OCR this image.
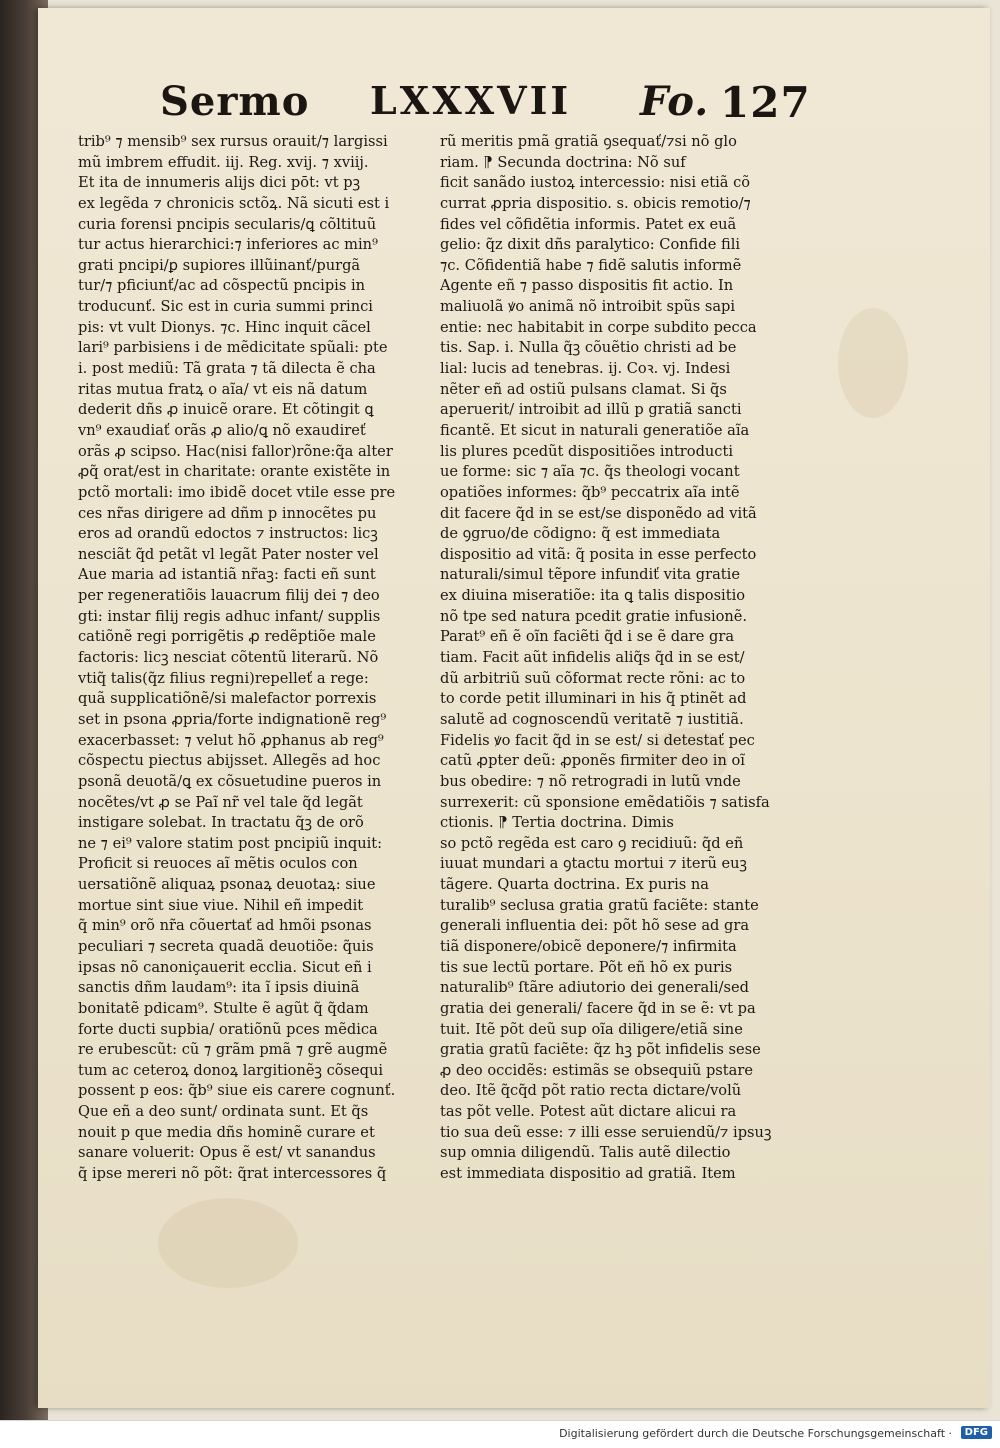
Sermo LXXXVII Fo. 127
trib⁹ ⁊ mensib⁹ sex rursus orauit/⁊ largissi
mũ imbrem effudit. iij. Reg. xvij. ⁊ xviij.
Et ita de innumeris alijs dici pōt: vt pꝫ
ex legẽda ⁊ chronicis sctõꝝ. Nã sicuti est i
curia forensi pncipis secularis/ꝗ cõltituũ
tur actus hierarchici:⁊ inferiores ac min⁹
grati pncipi/ꝑ supiores illũinanť/purgã
tur/⁊ pficiunť/ac ad cõspectũ pncipis in
troducunť. Sic est in curia summi princi
pis: vt vult Dionys. ⁊c. Hinc inquit cãcel
lari⁹ parbisiens i de mẽdicitate spũali: pte
i. post mediũ: Tã grata ⁊ tã dilecta ẽ cha
ritas mutua fratꝝ o aĩa/ vt eis nã datum
dederit dñs ꝓ inuicẽ orare. Et cõtingit ꝗ
vn⁹ exaudiať orãs ꝓ alio/ꝗ nõ exaudireť
orãs ꝓ scipso. Hac(nisi fallor)rõne:q̃a alter
ꝓq̃ orat/est in charitate: orante existẽte in
pctõ mortali: imo ibidẽ docet vtile esse pre
ces nr̃as dirigere ad dñm p innocẽtes pu
eros ad orandũ edoctos ⁊ instructos: licꝫ
nesciãt q̃d petãt vl legãt Pater noster vel
Aue maria ad istantiã nr̃aꝫ: facti eñ sunt
per regeneratiõis lauacrum filij dei ⁊ deo
gti: instar filij regis adhuc infant/ supplis
catiõnẽ regi porrigẽtis ꝓ redẽptiõe male
factoris: licꝫ nesciat cõtentũ literarũ. Nõ
vtiq̃ talis(q̃z filius regni)repelleť a rege:
quã supplicatiõnẽ/si malefactor porrexis
set in psona ꝓpria/forte indignationẽ reg⁹
exacerbasset: ⁊ velut hõ ꝓphanus ab reg⁹
cõspectu piectus abijsset. Allegẽs ad hoc
psonã deuotã/ꝗ ex cõsuetudine pueros in
nocẽtes/vt ꝓ se Paĩ nr̃ vel tale q̃d legãt
instigare solebat. In tractatu q̃ꝫ de orõ
ne ⁊ ei⁹ valore statim post pncipiũ inquit:
Proficit si reuoces aĩ mẽtis oculos con
uersatiõnẽ aliquaꝝ psonaꝝ deuotaꝝ: siue
mortue sint siue viue. Nihil eñ impedit
q̃ min⁹ orõ nr̃a cõuertať ad hmõi psonas
peculiari ⁊ secreta quadã deuotiõe: q̃uis
ipsas nõ canoniçauerit ecclia. Sicut eñ i
sanctis dñm laudam⁹: ita ĩ ipsis diuinã
bonitatẽ pdicam⁹. Stulte ẽ agũt q̃ q̃dam
forte ducti supbia/ oratiõnũ pces mẽdica
re erubescũt: cũ ⁊ grãm pmã ⁊ grẽ augmẽ
tum ac ceteroꝝ donoꝝ largitionẽꝫ cõsequi
possent p eos: q̃b⁹ siue eis carere cognunť.
Que eñ a deo sunt/ ordinata sunt. Et q̃s
nouit p que media dñs hominẽ curare et
sanare voluerit: Opus ẽ est/ vt sanandus
q̃ ipse mereri nõ põt: q̃rat intercessores q̃
rũ meritis pmã gratiã ꝯsequať/⁊si nõ glo
riam. ⁋ Secunda doctrina: Nõ suf
ficit sanãdo iustoꝝ intercessio: nisi etiã cõ
currat ꝓpria dispositio. s. obicis remotio/⁊
fides vel cõfidẽtia informis. Patet ex euã
gelio: q̃z dixit dñs paralytico: Confide fili
⁊c. Cõfidentiã habe ⁊ fidẽ salutis informẽ
Agente eñ ⁊ passo dispositis fit actio. In
maliuolã ꝟo animã nõ introibit spũs sapi
entie: nec habitabit in corpe subdito pecca
tis. Sap. i. Nulla q̃ꝫ cõuẽtio christi ad be
lial: lucis ad tenebras. ij. Coꝛ. vj. Indesi
nẽter eñ ad ostiũ pulsans clamat. Si q̃s
aperuerit/ introibit ad illũ p gratiã sancti
ficantẽ. Et sicut in naturali generatiõe aĩa
lis plures pcedũt dispositiões introducti
ue forme: sic ⁊ aĩa ⁊c. q̃s theologi vocant
opatiões informes: q̃b⁹ peccatrix aĩa intẽ
dit facere q̃d in se est/se disponẽdo ad vitã
de ꝯgruo/de cõdigno: q̃ est immediata
dispositio ad vitã: q̃ posita in esse perfecto
naturali/simul tẽpore infundiť vita gratie
ex diuina miseratiõe: ita ꝗ talis dispositio
nõ tpe sed natura pcedit gratie infusionẽ.
Parat⁹ eñ ẽ oĩn faciẽti q̃d i se ẽ dare gra
tiam. Facit aũt infidelis aliq̃s q̃d in se est/
dũ arbitriũ suũ cõformat recte rõni: ac to
to corde petit illuminari in his q̃ ptinẽt ad
salutẽ ad cognoscendũ veritatẽ ⁊ iustitiã.
Fidelis ꝟo facit q̃d in se est/ si detestať pec
catũ ꝓpter deũ: ꝓponẽs firmiter deo in oĩ
bus obedire: ⁊ nõ retrogradi in lutũ vnde
surrexerit: cũ sponsione emẽdatiõis ⁊ satisfa
ctionis. ⁋ Tertia doctrina. Dimis
so pctõ regẽda est caro ꝯ recidiuũ: q̃d eñ
iuuat mundari a ꝯtactu mortui ⁊ iterũ euꝫ
tãgere. Quarta doctrina. Ex puris na
turalib⁹ seclusa gratia gratũ faciẽte: stante
generali influentia dei: põt hõ sese ad gra
tiã disponere/obicẽ deponere/⁊ infirmita
tis sue lectũ portare. Põt eñ hõ ex puris
naturalib⁹ ſtãre adiutorio dei generali/sed
gratia dei generali/ facere q̃d in se ẽ: vt pa
tuit. Itẽ põt deũ sup oĩa diligere/etiã sine
gratia gratũ faciẽte: q̃z hꝫ põt infidelis sese
ꝓ deo occidẽs: estimãs se obsequiũ pstare
deo. Itẽ q̃cq̃d põt ratio recta dictare/volũ
tas põt velle. Potest aũt dictare alicui ra
tio sua deũ esse: ⁊ illi esse seruiendũ/⁊ ipsuꝫ
sup omnia diligendũ. Talis autẽ dilectio
est immediata dispositio ad gratiã. Item
Digitalisierung gefördert durch die Deutsche Forschungsgemeinschaft ·	DFG
